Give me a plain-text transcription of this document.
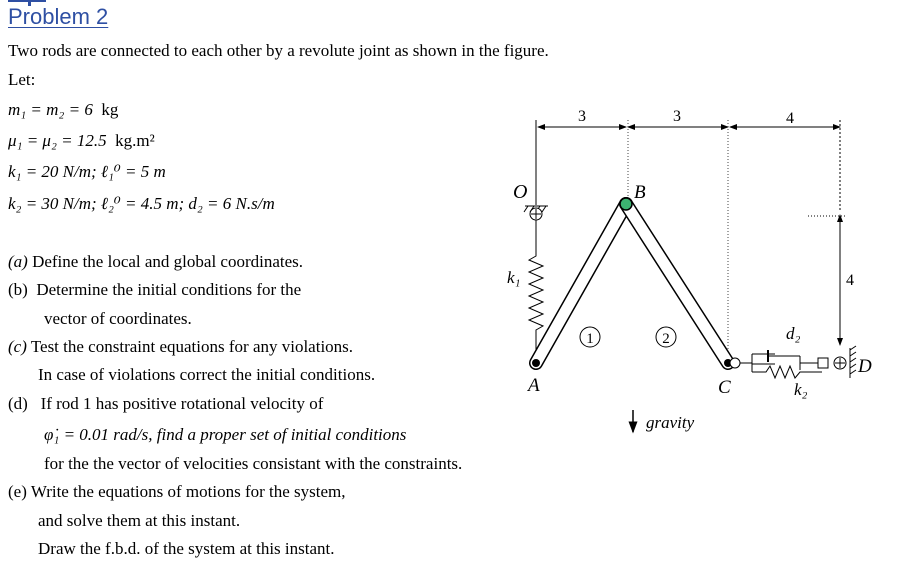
Problem 2
Two rods are connected to each other by a revolute joint as shown in the figure.
Let:
m₁ = m₂ = 6 kg
μ₁ = μ₂ = 12.5 kg.m²
k₁ = 20 N/m; ℓ₁⁰ = 5 m
k₂ = 30 N/m; ℓ₂⁰ = 4.5 m; d₂ = 6 N.s/m
(a) Define the local and global coordinates.
(b) Determine the initial conditions for the
vector of coordinates.
(c) Test the constraint equations for any violations.
In case of violations correct the initial conditions.
(d) If rod 1 has positive rotational velocity of
φ̇₁ = 0.01 rad/s, find a proper set of initial conditions
for the the vector of velocities consistant with the constraints.
(e) Write the equations of motions for the system,
and solve them at this instant.
Draw the f.b.d. of the system at this instant.
3	3	4
4
O
k₁
A
B
C
1	2	d₂
k₂
D
gravity
